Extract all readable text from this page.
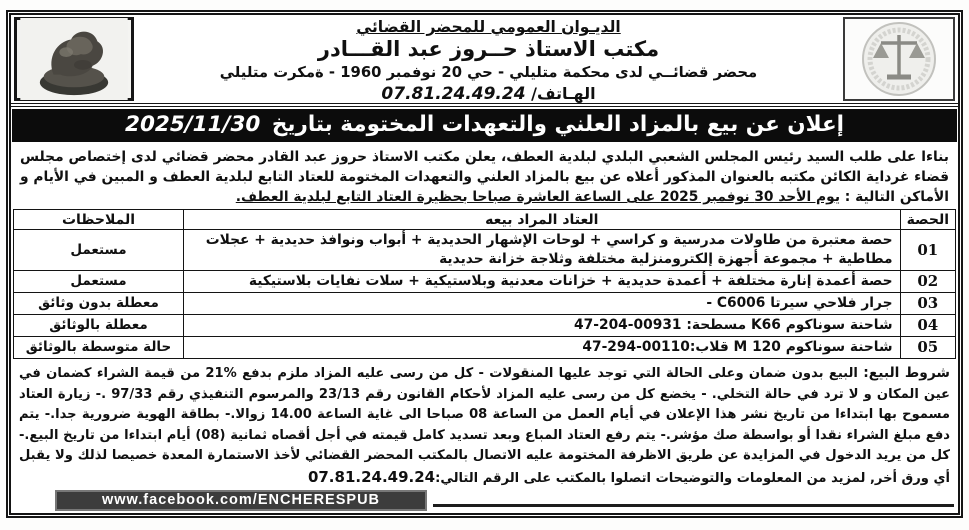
الديـوان العمومي للمحضر القضائي
مكتب الاستاذ حــروز عبد القـــادر
محضر قضائــي لدى محكمة متليلي - حي 20 نوفمبر 1960 - ةمكرت متليلي
الهـاتف/ 07.81.24.49.24
إعلان عن بيع بالمزاد العلني والتعهدات المختومة بتاريخ 2025/11/30
بناءا على طلب السيد رئيس المجلس الشعبي البلدي لبلدية العطف، يعلن مكتب الاستاذ حروز عبد القادر محضر قضائي لدى إختصاص مجلس قضاء غرداية الكائن مكتبه بالعنوان المذكور أعلاه عن بيع بالمزاد العلني والتعهدات المختومة للعتاد التابع لبلدية العطف و المبين في الأيام و الأماكن التالية : يوم الأحد 30 نوفمبر 2025 على الساعة العاشرة صباحا بحظيرة العتاد التابع لبلدية العطف.
الحصة	العتاد المراد بيعه	الملاحظات
01	حصة معتبرة من طاولات مدرسية و كراسي + لوحات الإشهار الحديدية + أبواب ونوافذ حديدية + عجلات مطاطية + مجموعة أجهزة إلكترومنزلية مختلفة وثلاجة خزانة حديدية	مستعمل
02	حصة أعمدة إنارة مختلفة + أعمدة حديدية + خزانات معدنية وبلاستيكية + سلات نفايات بلاستيكية	مستعمل
03	جرار فلاحي سيرتا C6006 -	معطلة بدون وثائق
04	شاحنة سوناكوم K66 مسطحة: 00931-204-47	معطلة بالوثائق
05	شاحنة سوناكوم M 120 قلاب:00110-294-47	حالة متوسطة بالوثائق
شروط البيع: البيع بدون ضمان وعلى الحالة التي توجد عليها المنقولات - كل من رسى عليه المزاد ملزم بدفع %21 من قيمة الشراء كضمان في عين المكان و لا ترد في حالة التخلي. - يخضع كل من رسى عليه المزاد لأحكام القانون رقم 23/13 والمرسوم التنفيذي رقم 97/33 .- زيارة العتاد مسموح بها ابتداءا من تاريخ نشر هذا الإعلان في أيام العمل من الساعة 08 صباحا الى غاية الساعة 14.00 زوالا.- بطاقة الهوية ضرورية جدا.- يتم دفع مبلغ الشراء نقدا أو بواسطة صك مؤشر.- يتم رفع العتاد المباع وبعد تسديد كامل قيمته في أجل أقصاه ثمانية (08) أيام ابتداءا من تاريخ البيع.- كل من يريد الدخول في المزايدة عن طريق الاظرفة المختومة عليه الاتصال بالمكتب المحضر القضائي لأخذ الاستمارة المعدة خصيصا لذلك ولا يقبل أي ورق أخر, لمزيد من المعلومات والتوضيحات اتصلوا بالمكتب على الرقم التالي:07.81.24.49.24
www.facebook.com/ENCHERESPUB
